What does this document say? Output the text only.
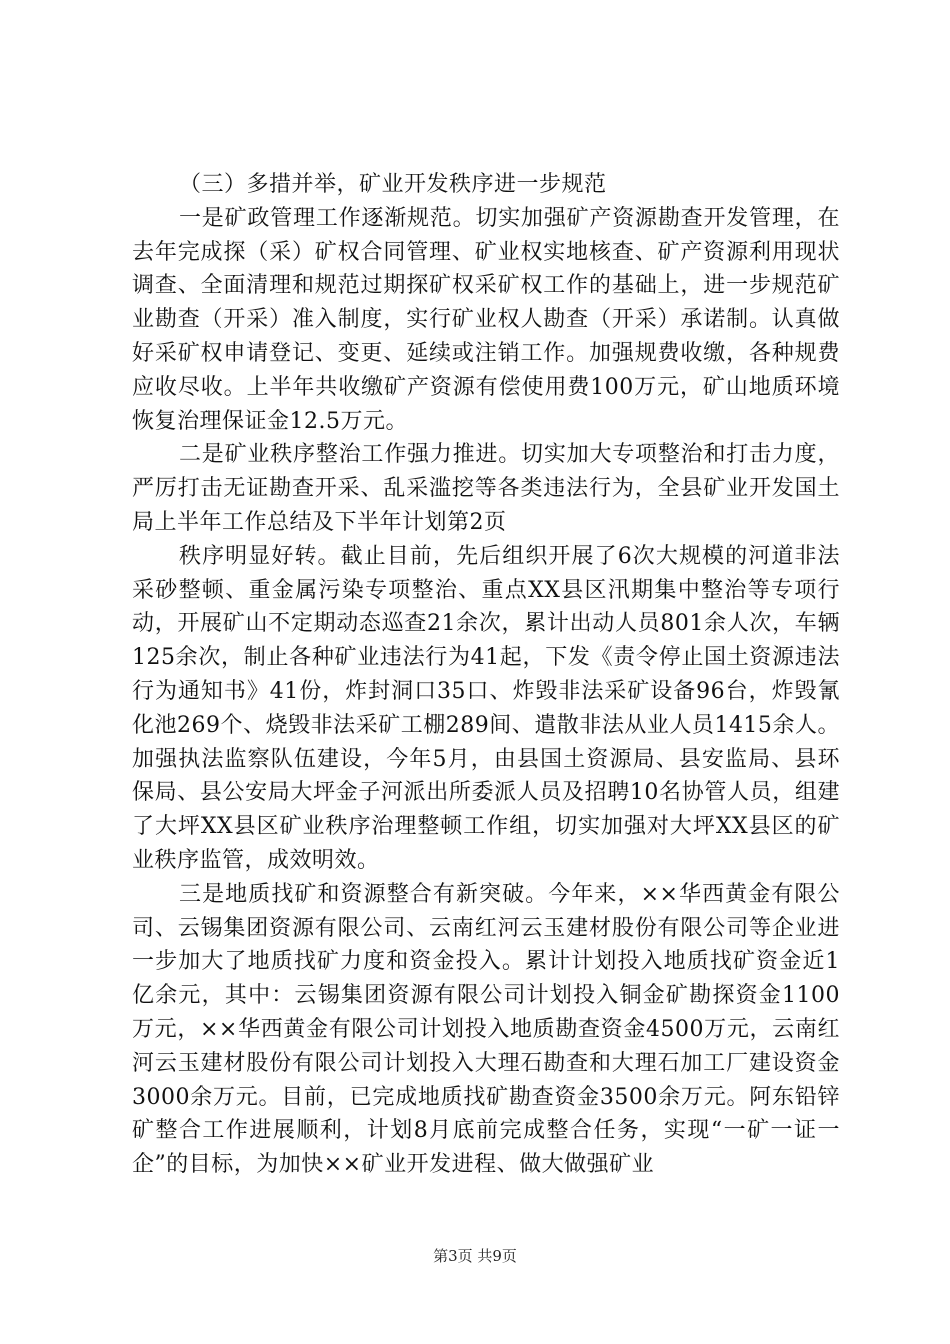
（三）多措并举，矿业开发秩序进一步规范

一是矿政管理工作逐渐规范。切实加强矿产资源勘查开发管理，在去年完成探（采）矿权合同管理、矿业权实地核查、矿产资源利用现状调查、全面清理和规范过期探矿权采矿权工作的基础上，进一步规范矿业勘查（开采）准入制度，实行矿业权人勘查（开采）承诺制。认真做好采矿权申请登记、变更、延续或注销工作。加强规费收缴，各种规费应收尽收。上半年共收缴矿产资源有偿使用费100万元，矿山地质环境恢复治理保证金12.5万元。

二是矿业秩序整治工作强力推进。切实加大专项整治和打击力度，严厉打击无证勘查开采、乱采滥挖等各类违法行为，全县矿业开发国土局上半年工作总结及下半年计划第2页

秩序明显好转。截止目前，先后组织开展了6次大规模的河道非法采砂整顿、重金属污染专项整治、重点XX县区汛期集中整治等专项行动，开展矿山不定期动态巡查21余次，累计出动人员801余人次，车辆125余次，制止各种矿业违法行为41起，下发《责令停止国土资源违法行为通知书》41份，炸封洞口35口、炸毁非法采矿设备96台，炸毁氰化池269个、烧毁非法采矿工棚289间、遣散非法从业人员1415余人。加强执法监察队伍建设，今年5月，由县国土资源局、县安监局、县环保局、县公安局大坪金子河派出所委派人员及招聘10名协管人员，组建了大坪XX县区矿业秩序治理整顿工作组，切实加强对大坪XX县区的矿业秩序监管，成效明效。

三是地质找矿和资源整合有新突破。今年来，××华西黄金有限公司、云锡集团资源有限公司、云南红河云玉建材股份有限公司等企业进一步加大了地质找矿力度和资金投入。累计计划投入地质找矿资金近1亿余元，其中：云锡集团资源有限公司计划投入铜金矿勘探资金1100万元，××华西黄金有限公司计划投入地质勘查资金4500万元，云南红河云玉建材股份有限公司计划投入大理石勘查和大理石加工厂建设资金3000余万元。目前，已完成地质找矿勘查资金3500余万元。阿东铅锌矿整合工作进展顺利，计划8月底前完成整合任务，实现“一矿一证一企”的目标，为加快××矿业开发进程、做大做强矿业

第3页 共9页
